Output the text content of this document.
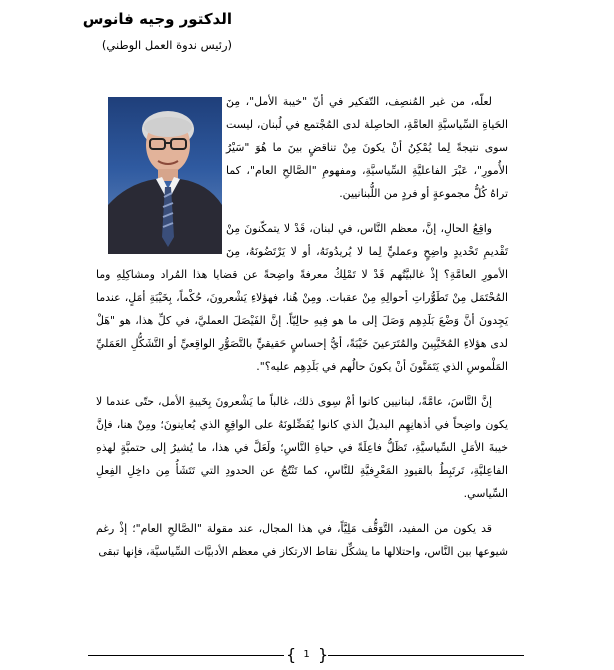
الدكتور وجيه فانوس
(رئيس ندوة العمل الوطني)

لعلّه، من غير المُنصِف، التّفكير في أنّ "خيبة الأمل"، مِنَ الحَياةِ السِّياسيَّةِ العامَّةِ، الحاصِلة لدى المُجْتمع في لُبنان، ليست سوى نتيجةً لِما يُمْكِنُ أنْ يكونَ مِنْ تناقضٍ بينَ ما هُوَ "سَيْرُ الأُمورِ"، عَبْرَ الفاعليَّةِ السِّياسيَّةِ، ومفهومِ "الصَّالحِ العام"، كما تراهُ كُلُّ مجموعةٍ أو فردٍ من اللُّبنانيين.

واقِعُ الحالِ، إنَّ، معظم النَّاس، في لبنان، قَدْ لا يتمكّنونَ مِنْ تَقْديمِ تَحْديدٍ واضِحٍ وعمليٍّ لِما لا يُريدُونَهُ، أو لا يَرْتَضُونَهُ، مِنَ الأمورِ العامَّةِ؟ إذْ غالبيَّتُهم قَدْ لا تَمْلِكُ معرفةً واضِحةً عن قضايا هذا المُراد ومشاكِلِهِ وما المُحْتَمَل مِنْ تَطَوُّراتِ أحوالِهِ مِنْ عقبات. ومِنْ هُنا، فهؤلاءِ يَشْعرونَ، حُكْماً، بِخَيْبَةِ أمَلٍ، عندما يَجِدونَ أنَّ وَضْعَ بَلَدِهِم وَصَلَ إلى ما هو فِيهِ حالِيّاً. إنَّ الفَيْصَلَ العمليَّ، في كلِّ هذا، هو "هَلْ لدى هؤلاءِ المُخَيَّبِينَ والمُتَرَعينَ خَيْبَةً، أيُّ إحساسٍ حَقيقيٍّ بالتَّصَوُّرِ الواقِعيِّ أو التَّشَكُّلِ العَمَليِّ المَلْموسِ الذي يَتَمَنَّونَ أنْ يكونَ حالُهم في بَلَدِهِم عليه؟".

إنَّ النَّاسَ، عامَّةً، لبنانيين كانوا أمْ سِوى ذلك، غالباً ما يَشْعرونَ بِخَيبةِ الأمل، حتّى عندما لا يكون واضِحاً في أذهانِهِم البديلُ الذي كانوا يُفَضِّلونَهُ على الواقِعِ الذي يُعاينونَ؛ ومِنْ هنا، فإنَّ خيبةَ الأمَلِ السِّياسيَّةِ، تَظَلُّ فاعِلَةً في حياةِ النَّاسِ؛ ولَعَلَّ في هذا، ما يُشيرُ إلى حتميَّةٍ لهذهِ الفاعِليَّةِ، تَرتَبِطُ بالقيودِ المَعْرِفيَّةِ للنَّاسِ، كما تَنْتُجُ عن الحدودِ التي تَتَشَأُ مِن داخِلِ الفِعلِ السِّياسي.

قد يكون من المفيد، التَّوَقُّف مَلِيَّاً، في هذا المجال، عند مقولة "الصَّالحِ العام"؛ إذْ رغم شيوعها بين النَّاس، واحتلالها ما يشكِّل نقاط الارتكاز في معظم الأدبيَّات السِّياسيَّة، فإنها تبقى

{ 1 }
